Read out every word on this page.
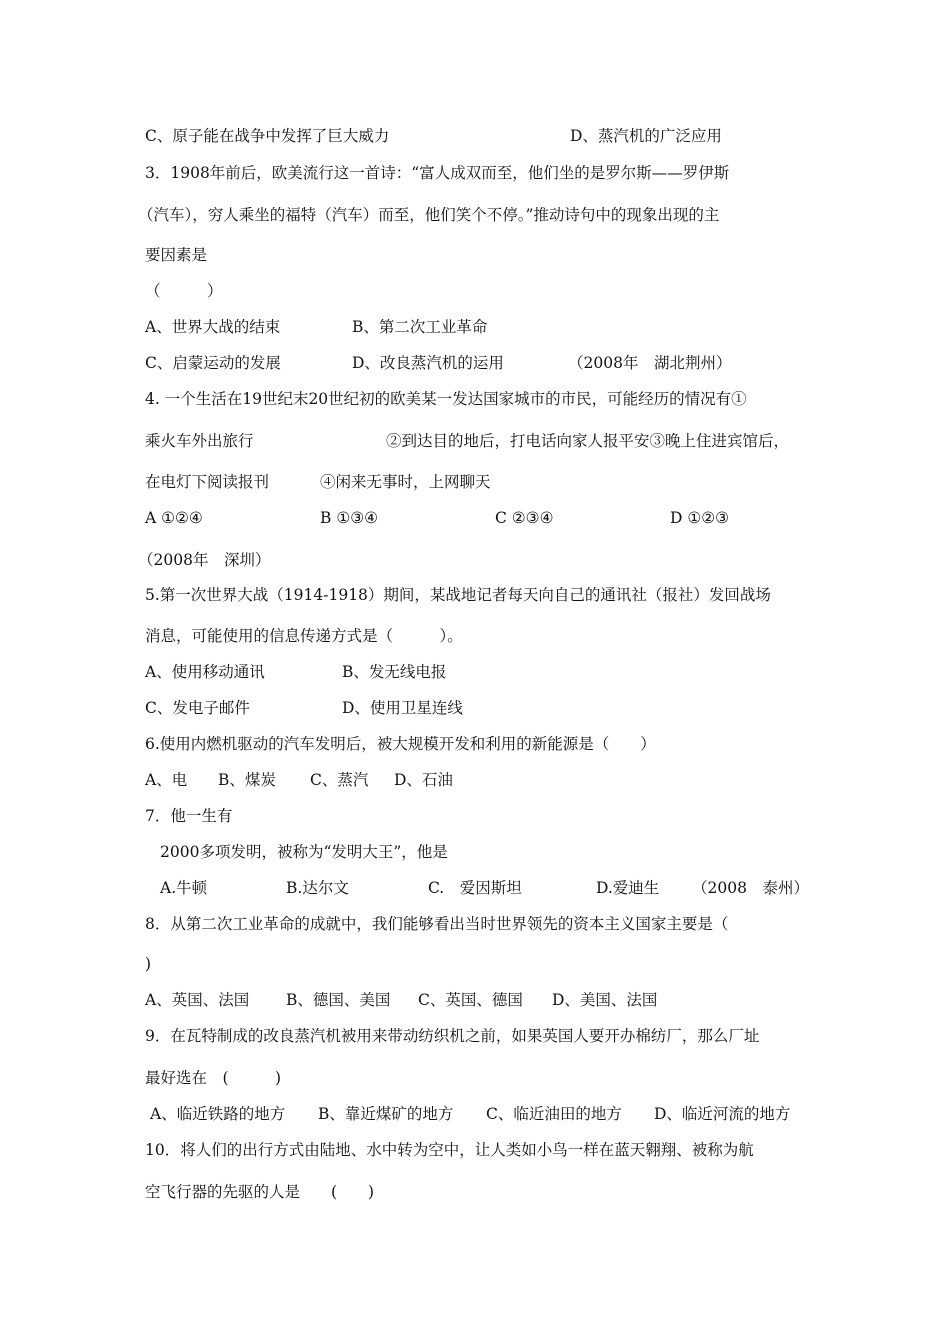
C、原子能在战争中发挥了巨大威力	D、蒸汽机的广泛应用
3．1908年前后，欧美流行这一首诗：“富人成双而至，他们坐的是罗尔斯——罗伊斯
（汽车），穷人乘坐的福特（汽车）而至，他们笑个不停。”推动诗句中的现象出现的主
要因素是
（　　　）
A、世界大战的结束	B、第二次工业革命
C、启蒙运动的发展	D、改良蒸汽机的运用	（2008年　湖北荆州）
4. 一个生活在19世纪末20世纪初的欧美某一发达国家城市的市民，可能经历的情况有①
乘火车外出旅行	②到达目的地后，打电话向家人报平安③晚上住进宾馆后，
在电灯下阅读报刊	④闲来无事时，上网聊天
A ①②④	B ①③④	C ②③④	D ①②③
（2008年　深圳）
5.第一次世界大战（1914-1918）期间，某战地记者每天向自己的通讯社（报社）发回战场
消息，可能使用的信息传递方式是（　　　）。
A、使用移动通讯	B、发无线电报
C、发电子邮件	D、使用卫星连线
6.使用内燃机驱动的汽车发明后，被大规模开发和利用的新能源是（　　）
A、电 B、煤炭 C、蒸汽 D、石油
7．他一生有
2000多项发明，被称为“发明大王”，他是
A.牛顿	B.达尔文	C.　爱因斯坦	D.爱迪生 （2008　泰州）
8．从第二次工业革命的成就中，我们能够看出当时世界领先的资本主义国家主要是（
)
A、英国、法国 B、德国、美国 C、英国、德国 D、美国、法国
9．在瓦特制成的改良蒸汽机被用来带动纺织机之前，如果英国人要开办棉纺厂，那么厂址
最好选在　(　　　)
A、临近铁路的地方 B、靠近煤矿的地方 C、临近油田的地方 D、临近河流的地方
10．将人们的出行方式由陆地、水中转为空中，让人类如小鸟一样在蓝天翱翔、被称为航
空飞行器的先驱的人是　　(　　)
